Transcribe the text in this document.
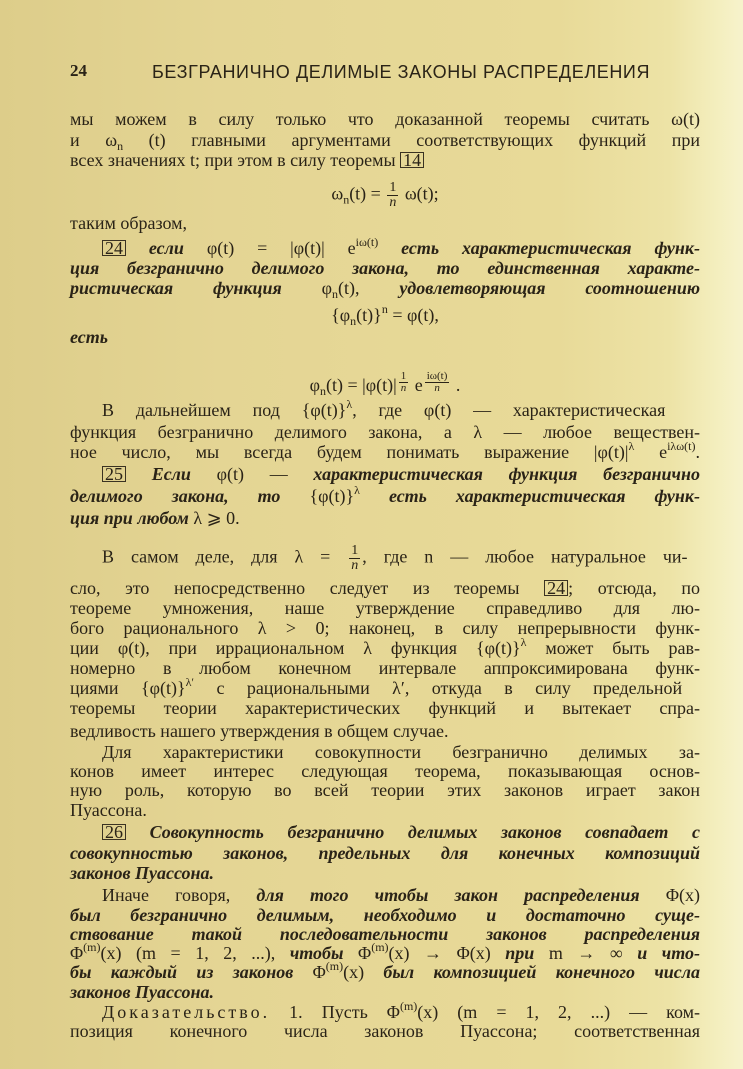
24	БЕЗГРАНИЧНО ДЕЛИМЫЕ ЗАКОНЫ РАСПРЕДЕЛЕНИЯ
мы можем в силу только что доказанной теоремы считать ω(t)
и $\omega_n$ (t) главными аргументами соответствующих функций при
всех значениях t; при этом в силу теоремы 14
$\omega_n(t) = \frac{1}{n} \omega(t)$;
таким образом,
24 если φ(t) = |φ(t)| $e^{i\omega(t)}$ есть характеристическая функ-
ция безгранично делимого закона, то единственная характе-
ристическая функция $\varphi_n(t)$, удовлетворяющая соотношению
$\{\varphi_n(t)\}^n = \varphi(t)$,
есть
$\varphi_n(t) = |\varphi(t)| \frac{1}{n}$ e $\frac{i\omega(t)}{n}$ .
В дальнейшем под $\{\varphi(t)\}^\lambda$, где φ(t) — характеристическая
функция безгранично делимого закона, а λ — любое веществен-
ное число, мы всегда будем понимать выражение $|\varphi(t)|^\lambda$ $e^{i\lambda\omega(t)}$.
25 Если φ(t) — характеристическая функция безгранично
делимого закона, то $\{\varphi(t)\}^\lambda$ есть характеристическая функ-
ция при любом λ ⩾ 0.
В самом деле, для $\lambda = \frac{1}{n}$ , где n — любое натуральное чи-
сло, это непосредственно следует из теоремы 24 ; отсюда, по
теореме умножения, наше утверждение справедливо для лю-
бого рационального λ > 0; наконец, в силу непрерывности функ-
ции φ(t), при иррациональном λ функция $\{\varphi(t)\}^\lambda$ может быть рав-
номерно в любом конечном интервале аппроксимирована функ-
циями $\{\varphi(t)\}^{\lambda'}$ с рациональными λ′, откуда в силу предельной
теоремы теории характеристических функций и вытекает спра-
ведливость нашего утверждения в общем случае.
Для характеристики совокупности безгранично делимых за-
конов имеет интерес следующая теорема, показывающая основ-
ную роль, которую во всей теории этих законов играет закон
Пуассона.
26 Совокупность безгранично делимых законов совпадает с
совокупностью законов, предельных для конечных композиций
законов Пуассона.
Иначе говоря, для того чтобы закон распределения Φ(x)
был безгранично делимым, необходимо и достаточно суще-
ствование такой последовательности законов распределения
$\Phi^{(m)}(x) (m = 1$, 2, ...), чтобы $\Phi^{(m)}(x) \to \Phi(x)$ при m → ∞ и что-
бы каждый из законов $\Phi^{(m)}(x)$ был композицией конечного числа
законов Пуассона.
Доказательство. 1. Пусть $\Phi^{(m)}(x) (m = 1$, 2, ...) — ком-
позиция конечного числа законов Пуассона; соответственная
